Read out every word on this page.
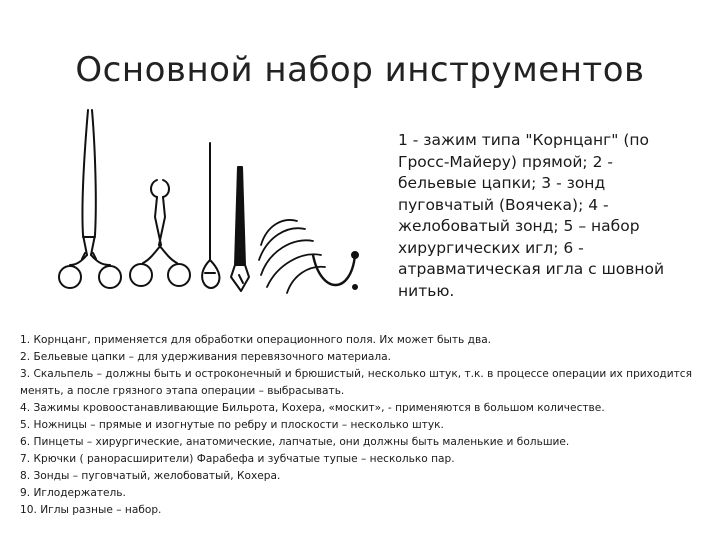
Основной набор инструментов
1 - зажим типа "Корнцанг" (по Гросс-Майеру) прямой; 2 - бельевые цапки; 3 - зонд пуговчатый (Воячека); 4 - желобоватый зонд; 5 – набор хирургических игл; 6 - атравматическая игла с шовной нитью.
1. Корнцанг, применяется для обработки операционного поля. Их может быть два.
2. Бельевые цапки – для удерживания перевязочного материала.
3. Скальпель – должны быть и остроконечный и брюшистый, несколько штук, т.к. в процессе операции их приходится менять, а после грязного этапа операции – выбрасывать.
4. Зажимы кровоостанавливающие Бильрота, Кохера, «москит», - применяются в большом количестве.
5. Ножницы – прямые и изогнутые по ребру и плоскости – несколько штук.
6. Пинцеты – хирургические, анатомические, лапчатые, они должны быть маленькие и большие.
7. Крючки ( ранорасширители) Фарабефа и зубчатые тупые – несколько пар.
8. Зонды – пуговчатый, желобоватый, Кохера.
9. Иглодержатель.
10. Иглы разные – набор.
